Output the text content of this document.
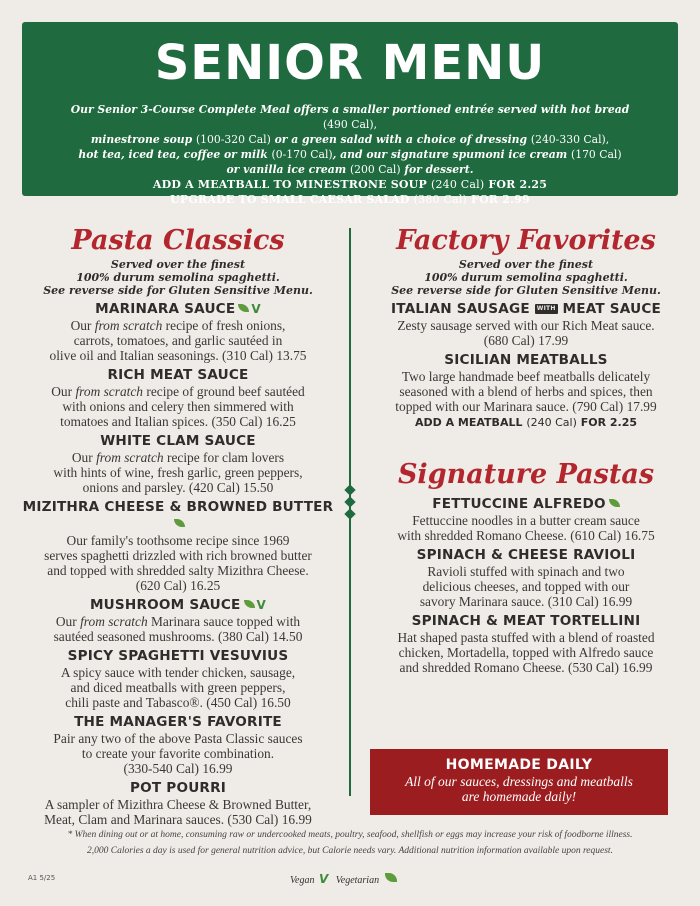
SENIOR MENU
Our Senior 3-Course Complete Meal offers a smaller portioned entrée served with hot bread (490 Cal),
minestrone soup (100-320 Cal) or a green salad with a choice of dressing (240-330 Cal),
hot tea, iced tea, coffee or milk (0-170 Cal), and our signature spumoni ice cream (170 Cal)
or vanilla ice cream (200 Cal) for dessert.
ADD A MEATBALL TO MINESTRONE SOUP (240 Cal) FOR 2.25
UPGRADE TO SMALL CAESAR SALAD (380 Cal) FOR 2.99
Pasta Classics
Served over the finest
100% durum semolina spaghetti.
See reverse side for Gluten Sensitive Menu.
MARINARA SAUCE V
Our from scratch recipe of fresh onions,
carrots, tomatoes, and garlic sautéed in
olive oil and Italian seasonings. (310 Cal) 13.75
RICH MEAT SAUCE
Our from scratch recipe of ground beef sautéed
with onions and celery then simmered with
tomatoes and Italian spices. (350 Cal) 16.25
WHITE CLAM SAUCE
Our from scratch recipe for clam lovers
with hints of wine, fresh garlic, green peppers,
onions and parsley. (420 Cal) 15.50
MIZITHRA CHEESE & BROWNED BUTTER
Our family's toothsome recipe since 1969
serves spaghetti drizzled with rich browned butter
and topped with shredded salty Mizithra Cheese.
(620 Cal) 16.25
MUSHROOM SAUCE V
Our from scratch Marinara sauce topped with
sautéed seasoned mushrooms. (380 Cal) 14.50
SPICY SPAGHETTI VESUVIUS
A spicy sauce with tender chicken, sausage,
and diced meatballs with green peppers,
chili paste and Tabasco®. (450 Cal) 16.50
THE MANAGER'S FAVORITE
Pair any two of the above Pasta Classic sauces
to create your favorite combination.
(330-540 Cal) 16.99
POT POURRI
A sampler of Mizithra Cheese & Browned Butter,
Meat, Clam and Marinara sauces. (530 Cal) 16.99
Factory Favorites
Served over the finest
100% durum semolina spaghetti.
See reverse side for Gluten Sensitive Menu.
ITALIAN SAUSAGE WITH MEAT SAUCE
Zesty sausage served with our Rich Meat sauce.
(680 Cal) 17.99
SICILIAN MEATBALLS
Two large handmade beef meatballs delicately
seasoned with a blend of herbs and spices, then
topped with our Marinara sauce. (790 Cal) 17.99
ADD A MEATBALL (240 Cal) FOR 2.25
Signature Pastas
FETTUCCINE ALFREDO
Fettuccine noodles in a butter cream sauce
with shredded Romano Cheese. (610 Cal) 16.75
SPINACH & CHEESE RAVIOLI
Ravioli stuffed with spinach and two
delicious cheeses, and topped with our
savory Marinara sauce. (310 Cal) 16.99
SPINACH & MEAT TORTELLINI
Hat shaped pasta stuffed with a blend of roasted
chicken, Mortadella, topped with Alfredo sauce
and shredded Romano Cheese. (530 Cal) 16.99
HOMEMADE DAILY
All of our sauces, dressings and meatballs
are homemade daily!
* When dining out or at home, consuming raw or undercooked meats, poultry, seafood, shellfish or eggs may increase your risk of foodborne illness.
2,000 Calories a day is used for general nutrition advice, but Calorie needs vary. Additional nutrition information available upon request.
A1 5/25	Vegan V Vegetarian
